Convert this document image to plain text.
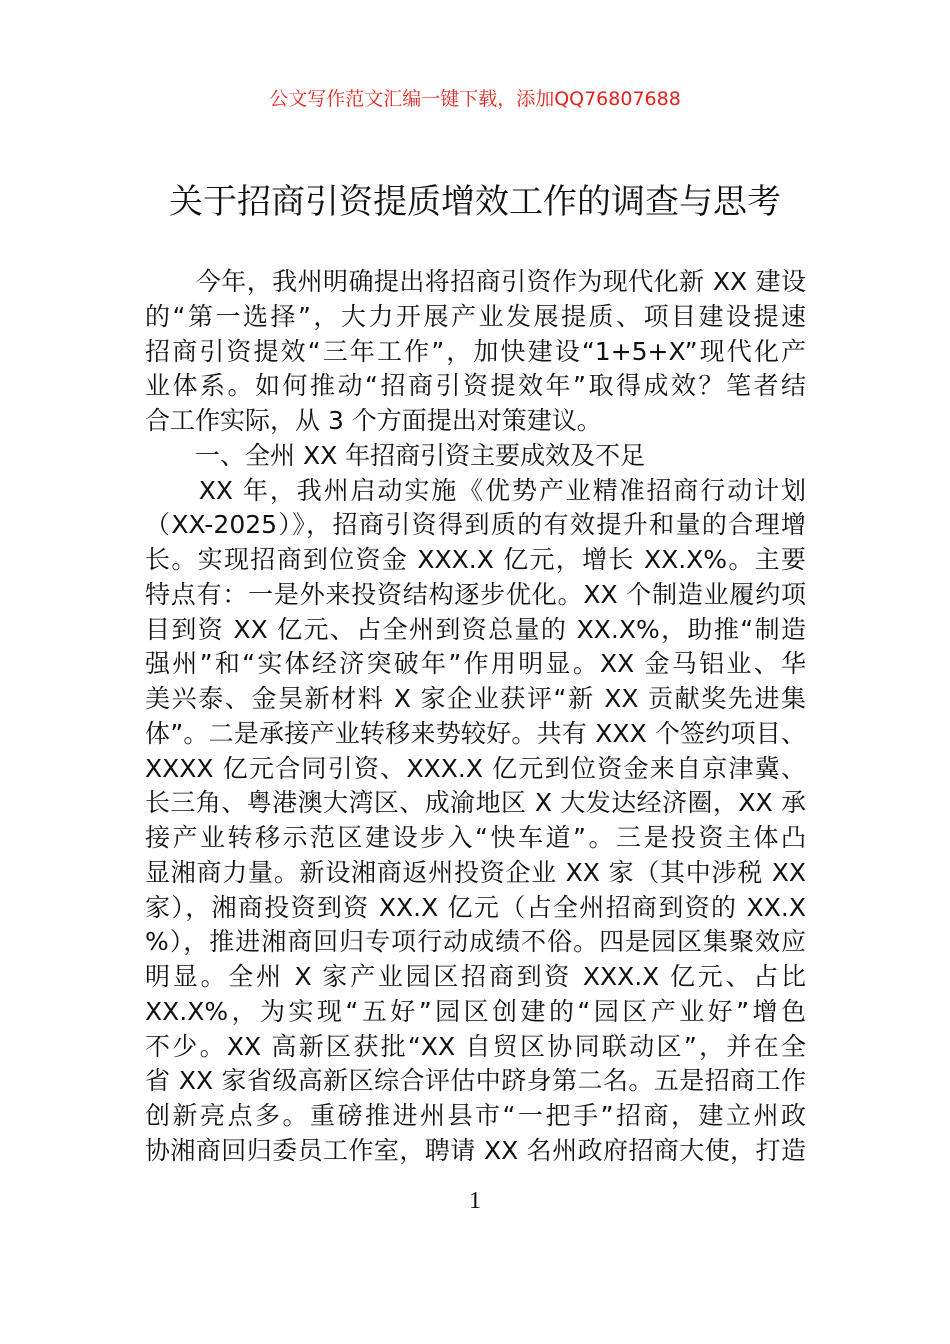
公文写作范文汇编一键下载，添加QQ76807688
关于招商引资提质增效工作的调查与思考
　　今年，我州明确提出将招商引资作为现代化新 XX 建设
的“第一选择”，大力开展产业发展提质、项目建设提速
招商引资提效“三年工作”，加快建设“1+5+X”现代化产
业体系。如何推动“招商引资提效年”取得成效？笔者结
合工作实际，从 3 个方面提出对策建议。
　　一、全州 XX 年招商引资主要成效及不足
　　XX 年，我州启动实施《优势产业精准招商行动计划
（XX-2025）》，招商引资得到质的有效提升和量的合理增
长。实现招商到位资金 XXX.X 亿元，增长 XX.X%。主要
特点有：一是外来投资结构逐步优化。XX 个制造业履约项
目到资 XX 亿元、占全州到资总量的 XX.X%，助推“制造
强州”和“实体经济突破年”作用明显。XX 金马铝业、华
美兴泰、金昊新材料 X 家企业获评“新 XX 贡献奖先进集
体”。二是承接产业转移来势较好。共有 XXX 个签约项目、
XXXX 亿元合同引资、XXX.X 亿元到位资金来自京津冀、
长三角、粤港澳大湾区、成渝地区 X 大发达经济圈，XX 承
接产业转移示范区建设步入“快车道”。三是投资主体凸
显湘商力量。新设湘商返州投资企业 XX 家（其中涉税 XX
家），湘商投资到资 XX.X 亿元（占全州招商到资的 XX.X
%），推进湘商回归专项行动成绩不俗。四是园区集聚效应
明显。全州 X 家产业园区招商到资 XXX.X 亿元、占比
XX.X%，为实现“五好”园区创建的“园区产业好”增色
不少。XX 高新区获批“XX 自贸区协同联动区”，并在全
省 XX 家省级高新区综合评估中跻身第二名。五是招商工作
创新亮点多。重磅推进州县市“一把手”招商，建立州政
协湘商回归委员工作室，聘请 XX 名州政府招商大使，打造
1
